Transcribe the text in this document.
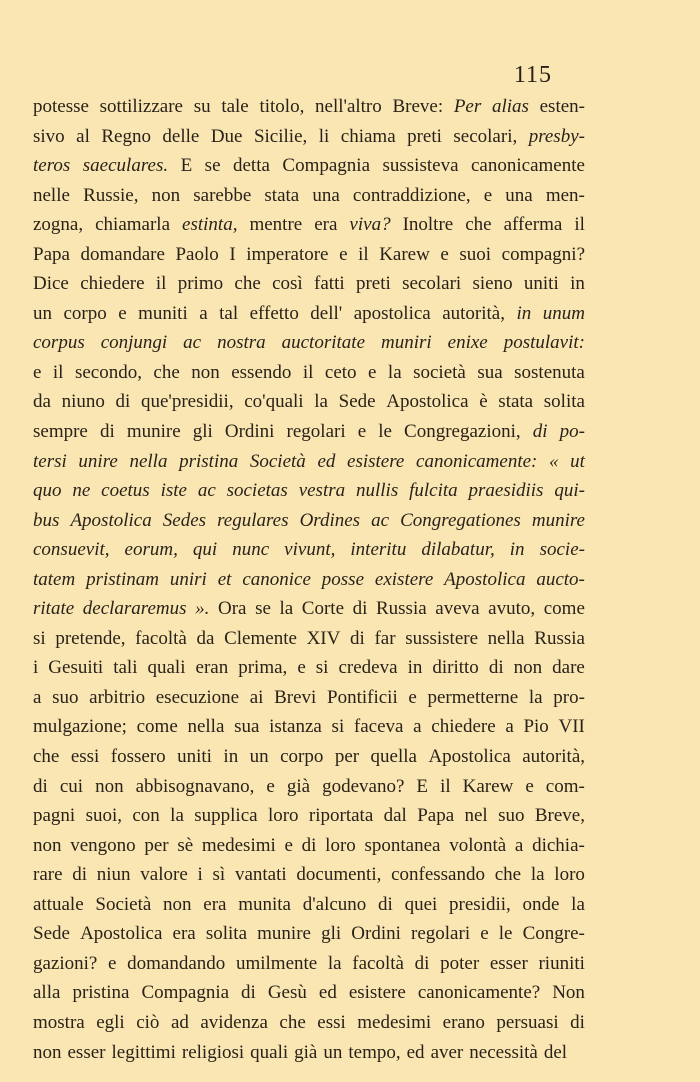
115
potesse sottilizzare su tale titolo, nell'altro Breve: Per alias esten-
sivo al Regno delle Due Sicilie, li chiama preti secolari, presby-
teros saeculares. E se detta Compagnia sussisteva canonicamente
nelle Russie, non sarebbe stata una contraddizione, e una men-
zogna, chiamarla estinta, mentre era viva? Inoltre che afferma il
Papa domandare Paolo I imperatore e il Karew e suoi compagni?
Dice chiedere il primo che così fatti preti secolari sieno uniti in
un corpo e muniti a tal effetto dell' apostolica autorità, in unum
corpus conjungi ac nostra auctoritate muniri enixe postulavit:
e il secondo, che non essendo il ceto e la società sua sostenuta
da niuno di que'presidii, co'quali la Sede Apostolica è stata solita
sempre di munire gli Ordini regolari e le Congregazioni, di po-
tersi unire nella pristina Società ed esistere canonicamente: « ut
quo ne coetus iste ac societas vestra nullis fulcita praesidiis qui-
bus Apostolica Sedes regulares Ordines ac Congregationes munire
consuevit, eorum, qui nunc vivunt, interitu dilabatur, in socie-
tatem pristinam uniri et canonice posse existere Apostolica aucto-
ritate declararemus ». Ora se la Corte di Russia aveva avuto, come
si pretende, facoltà da Clemente XIV di far sussistere nella Russia
i Gesuiti tali quali eran prima, e si credeva in diritto di non dare
a suo arbitrio esecuzione ai Brevi Pontificii e permetterne la pro-
mulgazione; come nella sua istanza si faceva a chiedere a Pio VII
che essi fossero uniti in un corpo per quella Apostolica autorità,
di cui non abbisognavano, e già godevano? E il Karew e com-
pagni suoi, con la supplica loro riportata dal Papa nel suo Breve,
non vengono per sè medesimi e di loro spontanea volontà a dichia-
rare di niun valore i sì vantati documenti, confessando che la loro
attuale Società non era munita d'alcuno di quei presidii, onde la
Sede Apostolica era solita munire gli Ordini regolari e le Congre-
gazioni? e domandando umilmente la facoltà di poter esser riuniti
alla pristina Compagnia di Gesù ed esistere canonicamente? Non
mostra egli ciò ad avidenza che essi medesimi erano persuasi di
non esser legittimi religiosi quali già un tempo, ed aver necessità del
